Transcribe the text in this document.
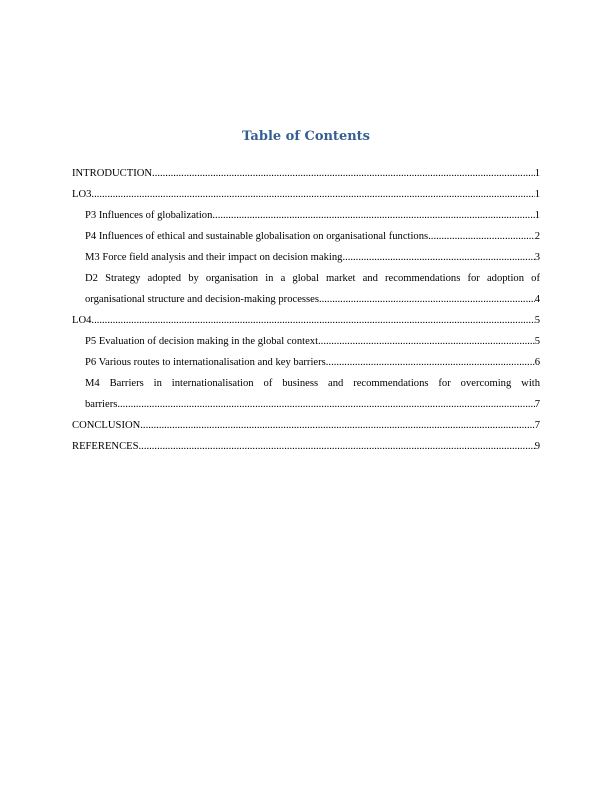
Table of Contents
INTRODUCTION .....	1
LO3 .....	1
P3 Influences of globalization .....	1
P4 Influences of ethical and sustainable globalisation on organisational functions .....	2
M3 Force field analysis and their impact on decision making .....	3
D2 Strategy adopted by organisation in a global market and recommendations for adoption of
organisational structure and decision-making processes .....	4
LO4 .....	5
P5 Evaluation of decision making in the global context .....	5
P6 Various routes to internationalisation and key barriers .....	6
M4 Barriers in internationalisation of business and recommendations for overcoming with
barriers .....	7
CONCLUSION .....	7
REFERENCES .....	9
